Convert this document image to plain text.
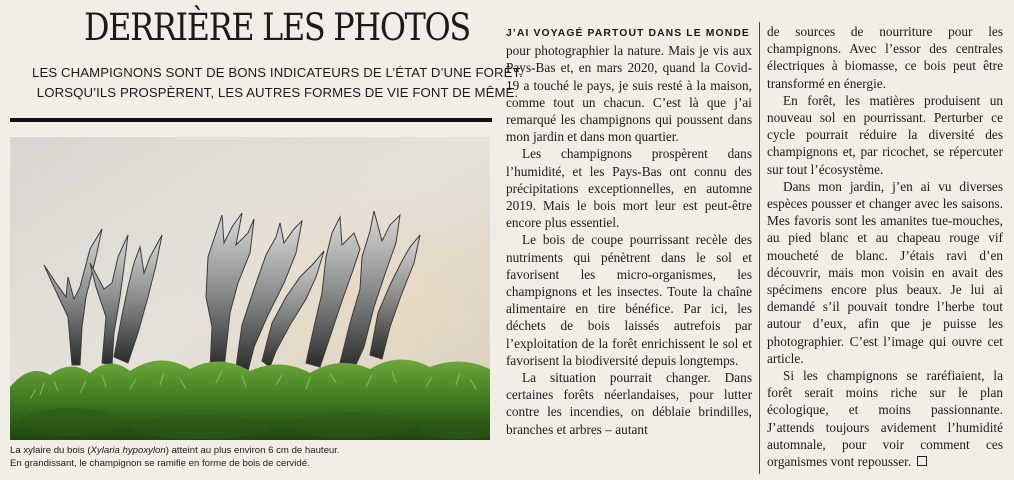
DERRIÈRE LES PHOTOS
LES CHAMPIGNONS SONT DE BONS INDICATEURS DE L’ÉTAT D’UNE FORÊT.
LORSQU’ILS PROSPÈRENT, LES AUTRES FORMES DE VIE FONT DE MÊME.
La xylaire du bois (Xylaria hypoxylon) atteint au plus environ 6 cm de hauteur.
En grandissant, le champignon se ramifie en forme de bois de cervidé.

J’AI VOYAGÉ PARTOUT DANS LE MONDE
pour photographier la nature. Mais je vis aux Pays-Bas et, en mars 2020, quand la Covid-19 a touché le pays, je suis resté à la maison, comme tout un chacun. C’est là que j’ai remarqué les champignons qui poussent dans mon jardin et dans mon quartier.

Les champignons prospèrent dans l’humidité, et les Pays-Bas ont connu des précipitations exceptionnelles, en automne 2019. Mais le bois mort leur est peut-être encore plus essentiel.

Le bois de coupe pourrissant recèle des nutriments qui pénètrent dans le sol et favorisent les micro-organismes, les champignons et les insectes. Toute la chaîne alimentaire en tire bénéfice. Par ici, les déchets de bois laissés autrefois par l’exploitation de la forêt enrichissent le sol et favorisent la biodiversité depuis longtemps.

La situation pourrait changer. Dans certaines forêts néerlandaises, pour lutter contre les incendies, on déblaie brindilles, branches et arbres – autant

de sources de nourriture pour les champignons. Avec l’essor des centrales électriques à biomasse, ce bois peut être transformé en énergie.

En forêt, les matières produisent un nouveau sol en pourrissant. Perturber ce cycle pourrait réduire la diversité des champignons et, par ricochet, se répercuter sur tout l’écosystème.

Dans mon jardin, j’en ai vu diverses espèces pousser et changer avec les saisons. Mes favoris sont les amanites tue-mouches, au pied blanc et au chapeau rouge vif moucheté de blanc. J’étais ravi d’en découvrir, mais mon voisin en avait des spécimens encore plus beaux. Je lui ai demandé s’il pouvait tondre l’herbe tout autour d’eux, afin que je puisse les photographier. C’est l’image qui ouvre cet article.

Si les champignons se raréfiaient, la forêt serait moins riche sur le plan écologique, et moins passionnante. J’attends toujours avidement l’humidité automnale, pour voir comment ces organismes vont repousser.
